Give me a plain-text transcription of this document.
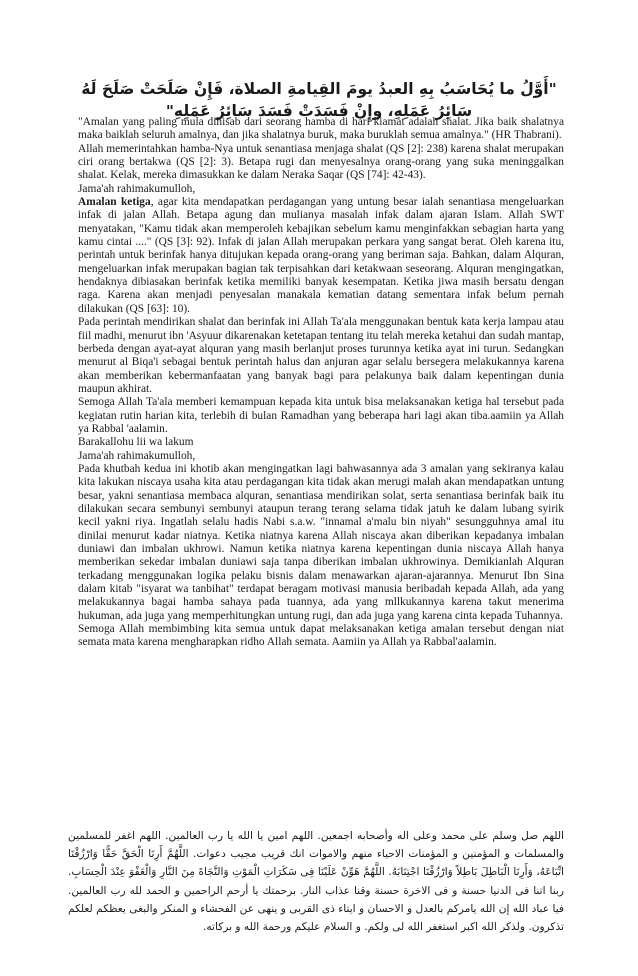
"أَوَّلُ ما يُحَاسَبُ بِهِ العبدُ يومَ القِيامةِ الصلاة، فَإِنْ صَلَحَتْ صَلَحَ لَهُ سَائِرُ عَمَلِهِ، وإِنْ فَسَدَتْ فَسَدَ سَائِرُ عَمَلِهِ"

"Amalan yang paling mula dihisab dari seorang hamba di hari kiamat adalah shalat. Jika baik shalatnya maka baiklah seluruh amalnya, dan jika shalatnya buruk, maka buruklah semua amalnya." (HR Thabrani).

Allah memerintahkan hamba-Nya untuk senantiasa menjaga shalat (QS [2]: 238) karena shalat merupakan ciri orang bertakwa (QS [2]: 3). Betapa rugi dan menyesalnya orang-orang yang suka meninggalkan shalat. Kelak, mereka dimasukkan ke dalam Neraka Saqar (QS [74]: 42-43).

Jama'ah rahimakumulloh,

Amalan ketiga, agar kita mendapatkan perdagangan yang untung besar ialah senantiasa mengeluarkan infak di jalan Allah. Betapa agung dan mulianya masalah infak dalam ajaran Islam. Allah SWT menyatakan, "Kamu tidak akan memperoleh kebajikan sebelum kamu menginfakkan sebagian harta yang kamu cintai ...." (QS [3]: 92). Infak di jalan Allah merupakan perkara yang sangat berat. Oleh karena itu, perintah untuk berinfak hanya ditujukan kepada orang-orang yang beriman saja. Bahkan, dalam Alquran, mengeluarkan infak merupakan bagian tak terpisahkan dari ketakwaan seseorang. Alquran mengingatkan, hendaknya dibiasakan berinfak ketika memiliki banyak kesempatan. Ketika jiwa masih bersatu dengan raga. Karena akan menjadi penyesalan manakala kematian datang sementara infak belum pernah dilakukan (QS [63]: 10).

Pada perintah mendirikan shalat dan berinfak ini Allah Ta'ala menggunakan bentuk kata kerja lampau atau fiil madhi, menurut ibn 'Asyuur dikarenakan ketetapan tentang itu telah mereka ketahui dan sudah mantap, berbeda dengan ayat-ayat alquran yang masih berlanjut proses turunnya ketika ayat ini turun. Sedangkan menurut al Biqa'i sebagai bentuk perintah halus dan anjuran agar selalu bersegera melakukannya karena akan memberikan kebermanfaatan yang banyak bagi para pelakunya baik dalam kepentingan dunia maupun akhirat.

Semoga Allah Ta'ala memberi kemampuan kepada kita untuk bisa melaksanakan ketiga hal tersebut pada kegiatan rutin harian kita, terlebih di bulan Ramadhan yang beberapa hari lagi akan tiba.aamiin ya Allah ya Rabbal 'aalamin.

Barakallohu lii wa lakum

Jama'ah rahimakumulloh,

Pada khutbah kedua ini khotib akan mengingatkan lagi bahwasannya ada 3 amalan yang sekiranya kalau kita lakukan niscaya usaha kita atau perdagangan kita tidak akan merugi malah akan mendapatkan untung besar, yakni senantiasa membaca alquran, senantiasa mendirikan solat, serta senantiasa berinfak baik itu dilakukan secara sembunyi sembunyi ataupun terang terang selama tidak jatuh ke dalam lubang syirik kecil yakni riya. Ingatlah selalu hadis Nabi s.a.w. "innamal a'malu bin niyah" sesungguhnya amal itu dinilai menurut kadar niatnya. Ketika niatnya karena Allah niscaya akan diberikan kepadanya imbalan duniawi dan imbalan ukhrowi. Namun ketika niatnya karena kepentingan dunia niscaya Allah hanya memberikan sekedar imbalan duniawi saja tanpa diberikan imbalan ukhrowinya. Demikianlah Alquran terkadang menggunakan logika pelaku bisnis dalam menawarkan ajaran-ajarannya. Menurut Ibn Sina dalam kitab "isyarat wa tanbihat" terdapat beragam motivasi manusia beribadah kepada Allah, ada yang melakukannya bagai hamba sahaya pada tuannya, ada yang mllkukannya karena takut menerima hukuman, ada juga yang memperhitungkan untung rugi, dan ada juga yang karena cinta kepada Tuhannya.

Semoga Allah membimbing kita semua untuk dapat melaksanakan ketiga amalan tersebut dengan niat semata mata karena mengharapkan ridho Allah semata. Aamiin ya Allah ya Rabbal'aalamin.

اللهم صل وسلم على محمد وعلى اله وأصحابه اجمعين. اللهم امين يا الله يا رب العالمين. اللهم اغفر للمسلمين والمسلمات و المؤمنين و المؤمنات الاحياء منهم والاموات انك قريب مجيب دعوات. اللَّهُمَّ أَرِنَا الْحَقَّ حَقًّا وَارْزُقْنَا اتِّبَاعَهُ، وَأَرِنَا الْبَاطِلَ بَاطِلاً وَارْزُقْنَا اجْتِنَابَهُ. اللَّهُمَّ هَوِّنْ عَلَيْنَا فِى سَكَرَاتِ الْمَوْتِ وَالنَّجَاةَ مِنَ النَّارِ وَالْعَفْوَ عِنْدَ الْحِسَابِ. ربنا اتنا فى الدنيا حسنة و فى الاخرة حسنة وقنا عذاب النار. برحمتك يا أرحم الراحمين و الحمد لله رب العالمين. فيا عباد الله إن الله يامركم بالعدل و الاحسان و ايتاء ذى القربى و ينهى عن الفحشاء و المنكر والبغى يعظكم لعلكم تذكرون. ولذكر الله اكبر استغفر الله لى ولكم. و السلام عليكم ورحمة الله و بركاته.
